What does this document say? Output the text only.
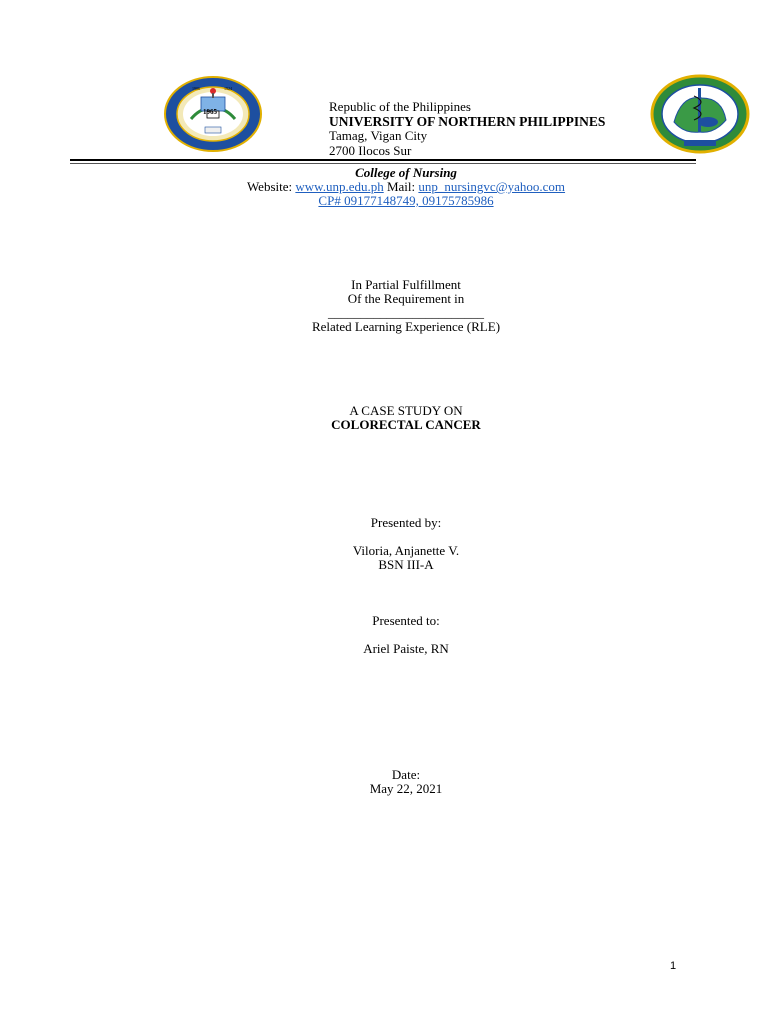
1965
1906	1924
Republic of the Philippines
UNIVERSITY OF NORTHERN PHILIPPINES
Tamag, Vigan City
2700 Ilocos Sur
College of Nursing
Website: www.unp.edu.ph Mail: unp_nursingvc@yahoo.com
CP# 09177148749, 09175785986
In Partial Fulfillment
Of the Requirement in
________________________
Related Learning Experience (RLE)
A CASE STUDY ON
COLORECTAL CANCER
Presented by:
Viloria, Anjanette V.
BSN III-A
Presented to:
Ariel Paiste, RN
Date:
May 22, 2021
1
